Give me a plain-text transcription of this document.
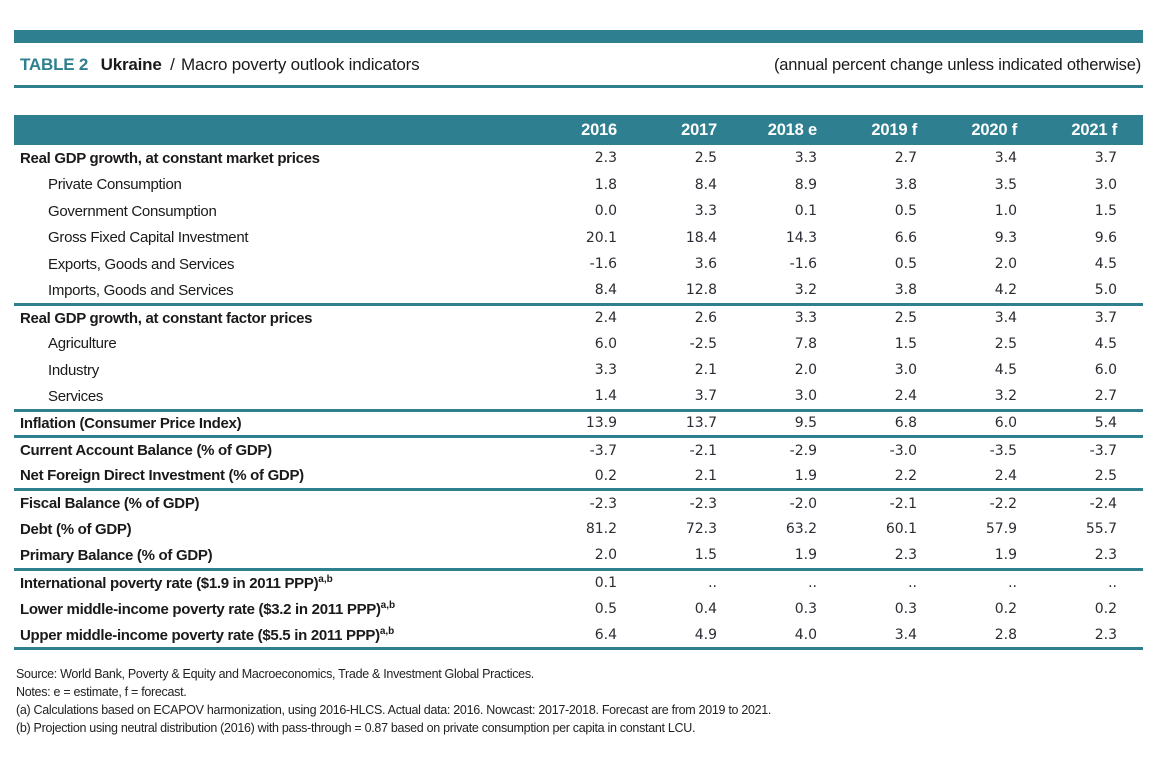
TABLE 2 Ukraine / Macro poverty outlook indicators	(annual percent change unless indicated otherwise)
	2016	2017	2018 e	2019 f	2020 f	2021 f
Real GDP growth, at constant market prices	2.3	2.5	3.3	2.7	3.4	3.7
Private Consumption	1.8	8.4	8.9	3.8	3.5	3.0
Government Consumption	0.0	3.3	0.1	0.5	1.0	1.5
Gross Fixed Capital Investment	20.1	18.4	14.3	6.6	9.3	9.6
Exports, Goods and Services	-1.6	3.6	-1.6	0.5	2.0	4.5
Imports, Goods and Services	8.4	12.8	3.2	3.8	4.2	5.0
Real GDP growth, at constant factor prices	2.4	2.6	3.3	2.5	3.4	3.7
Agriculture	6.0	-2.5	7.8	1.5	2.5	4.5
Industry	3.3	2.1	2.0	3.0	4.5	6.0
Services	1.4	3.7	3.0	2.4	3.2	2.7
Inflation (Consumer Price Index)	13.9	13.7	9.5	6.8	6.0	5.4
Current Account Balance (% of GDP)	-3.7	-2.1	-2.9	-3.0	-3.5	-3.7
Net Foreign Direct Investment (% of GDP)	0.2	2.1	1.9	2.2	2.4	2.5
Fiscal Balance (% of GDP)	-2.3	-2.3	-2.0	-2.1	-2.2	-2.4
Debt (% of GDP)	81.2	72.3	63.2	60.1	57.9	55.7
Primary Balance (% of GDP)	2.0	1.5	1.9	2.3	1.9	2.3
International poverty rate ($1.9 in 2011 PPP)$^{a,b}$	0.1	..	..	..	..	..
Lower middle-income poverty rate ($3.2 in 2011 PPP)$^{a,b}$	0.5	0.4	0.3	0.3	0.2	0.2
Upper middle-income poverty rate ($5.5 in 2011 PPP)$^{a,b}$	6.4	4.9	4.0	3.4	2.8	2.3
Source: World Bank, Poverty & Equity and Macroeconomics, Trade & Investment Global Practices.
Notes: e = estimate, f = forecast.
(a) Calculations based on ECAPOV harmonization, using 2016-HLCS. Actual data: 2016. Nowcast: 2017-2018. Forecast are from 2019 to 2021.
(b) Projection using neutral distribution (2016) with pass-through = 0.87 based on private consumption per capita in constant LCU.
